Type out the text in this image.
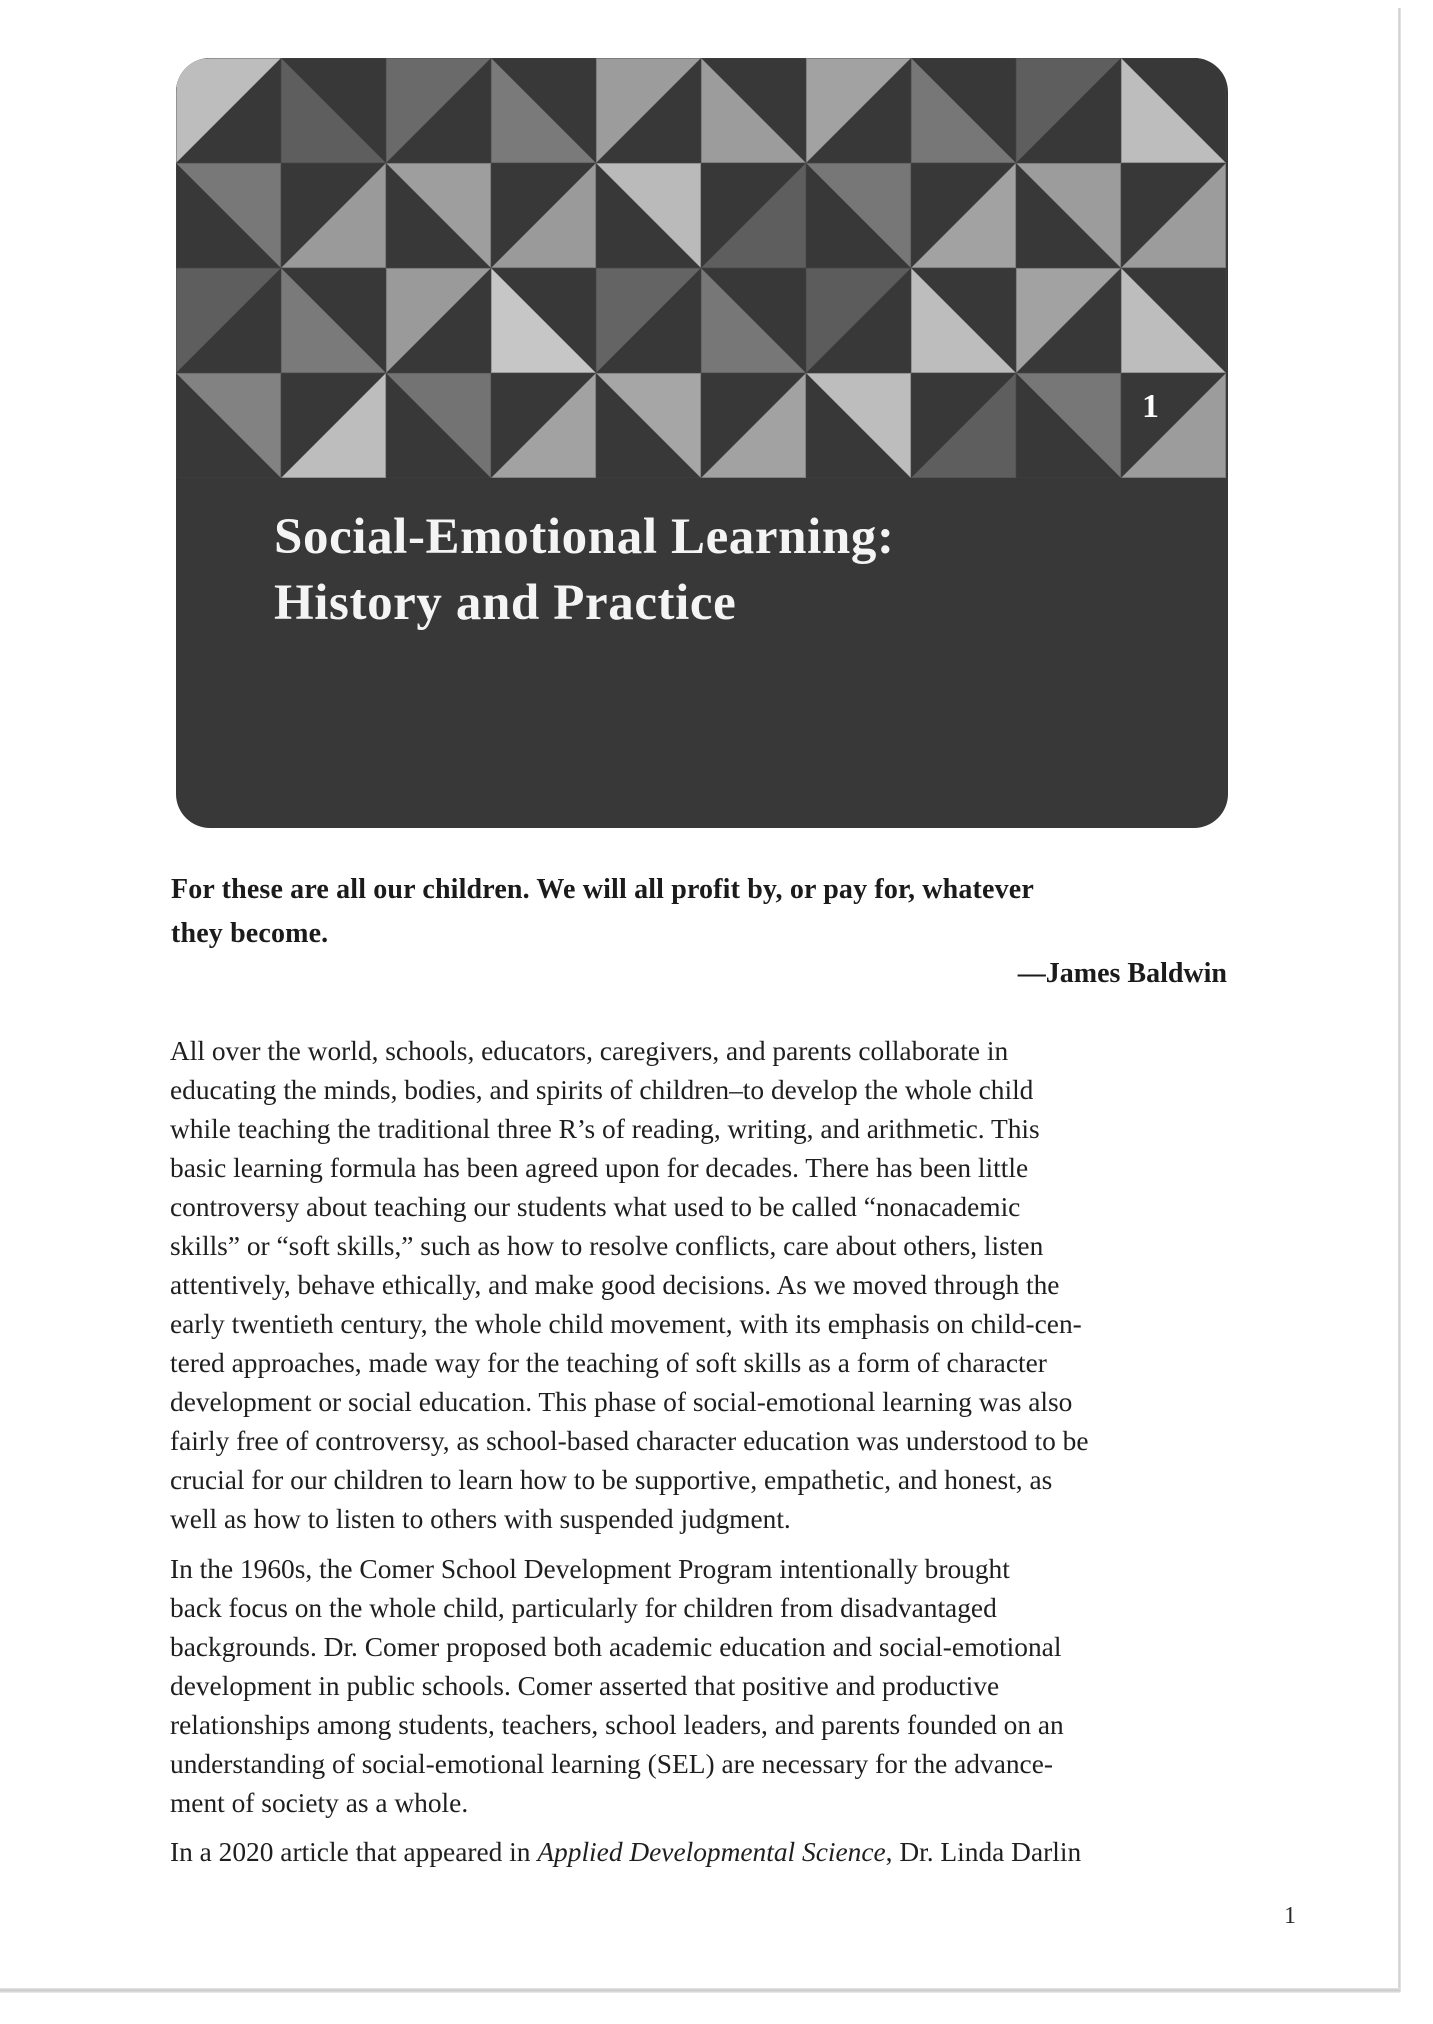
1
Social-Emotional Learning:
History and Practice
For these are all our children. We will all profit by, or pay for, whatever
they become.
—James Baldwin
All over the world, schools, educators, caregivers, and parents collaborate in
educating the minds, bodies, and spirits of children–to develop the whole child
while teaching the traditional three R’s of reading, writing, and arithmetic. This
basic learning formula has been agreed upon for decades. There has been little
controversy about teaching our students what used to be called “nonacademic
skills” or “soft skills,” such as how to resolve conflicts, care about others, listen
attentively, behave ethically, and make good decisions. As we moved through the
early twentieth century, the whole child movement, with its emphasis on child-cen-
tered approaches, made way for the teaching of soft skills as a form of character
development or social education. This phase of social-emotional learning was also
fairly free of controversy, as school-based character education was understood to be
crucial for our children to learn how to be supportive, empathetic, and honest, as
well as how to listen to others with suspended judgment.
In the 1960s, the Comer School Development Program intentionally brought
back focus on the whole child, particularly for children from disadvantaged
backgrounds. Dr. Comer proposed both academic education and social-emotional
development in public schools. Comer asserted that positive and productive
relationships among students, teachers, school leaders, and parents founded on an
understanding of social-emotional learning (SEL) are necessary for the advance-
ment of society as a whole.
In a 2020 article that appeared in Applied Developmental Science, Dr. Linda Darlin
1
